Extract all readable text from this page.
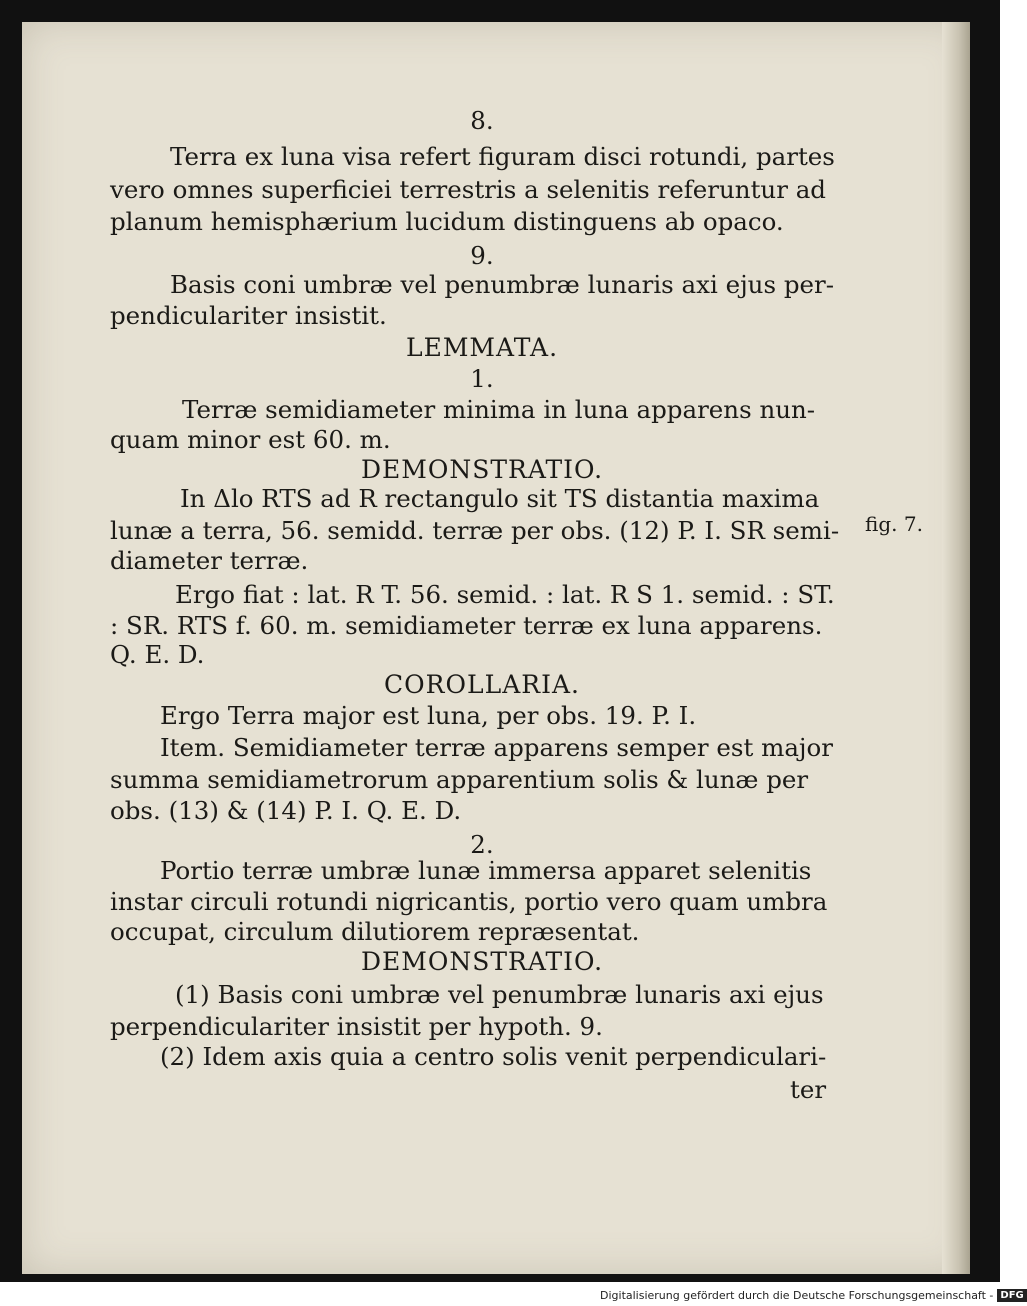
Terra ex luna visa refert figuram disci rotundi, partes
vero omnes superficiei terrestris a selenitis referuntur ad
planum hemisphærium lucidum distinguens ab opaco.
9.
Basis coni umbræ vel penumbræ lunaris axi ejus per-
pendiculariter insistit.
LEMMATA.
1.
Terræ semidiameter minima in luna apparens nun-
quam minor est 60. m.
DEMONSTRATIO.
In Δlo RTS ad R rectangulo sit TS distantia maxima
lunæ a terra, 56. semidd. terræ per obs. (12) P. I. SR semi-
diameter terræ.
Ergo fiat : lat. R T. 56. semid. : lat. R S 1. semid. : ST.
: SR. RTS f. 60. m. semidiameter terræ ex luna apparens.
Q. E. D.
COROLLARIA.
Ergo Terra major est luna, per obs. 19. P. I.
Item. Semidiameter terræ apparens semper est major
summa semidiametrorum apparentium solis & lunæ per
obs. (13) & (14) P. I. Q. E. D.
2.
Portio terræ umbræ lunæ immersa apparet selenitis
instar circuli rotundi nigricantis, portio vero quam umbra
occupat, circulum dilutiorem repræsentat.
DEMONSTRATIO.
(1) Basis coni umbræ vel penumbræ lunaris axi ejus
perpendiculariter insistit per hypoth. 9.
(2) Idem axis quia a centro solis venit perpendiculari-
ter
8.
fig. 7.
Digitalisierung gefördert durch die Deutsche Forschungsgemeinschaft - DFG
